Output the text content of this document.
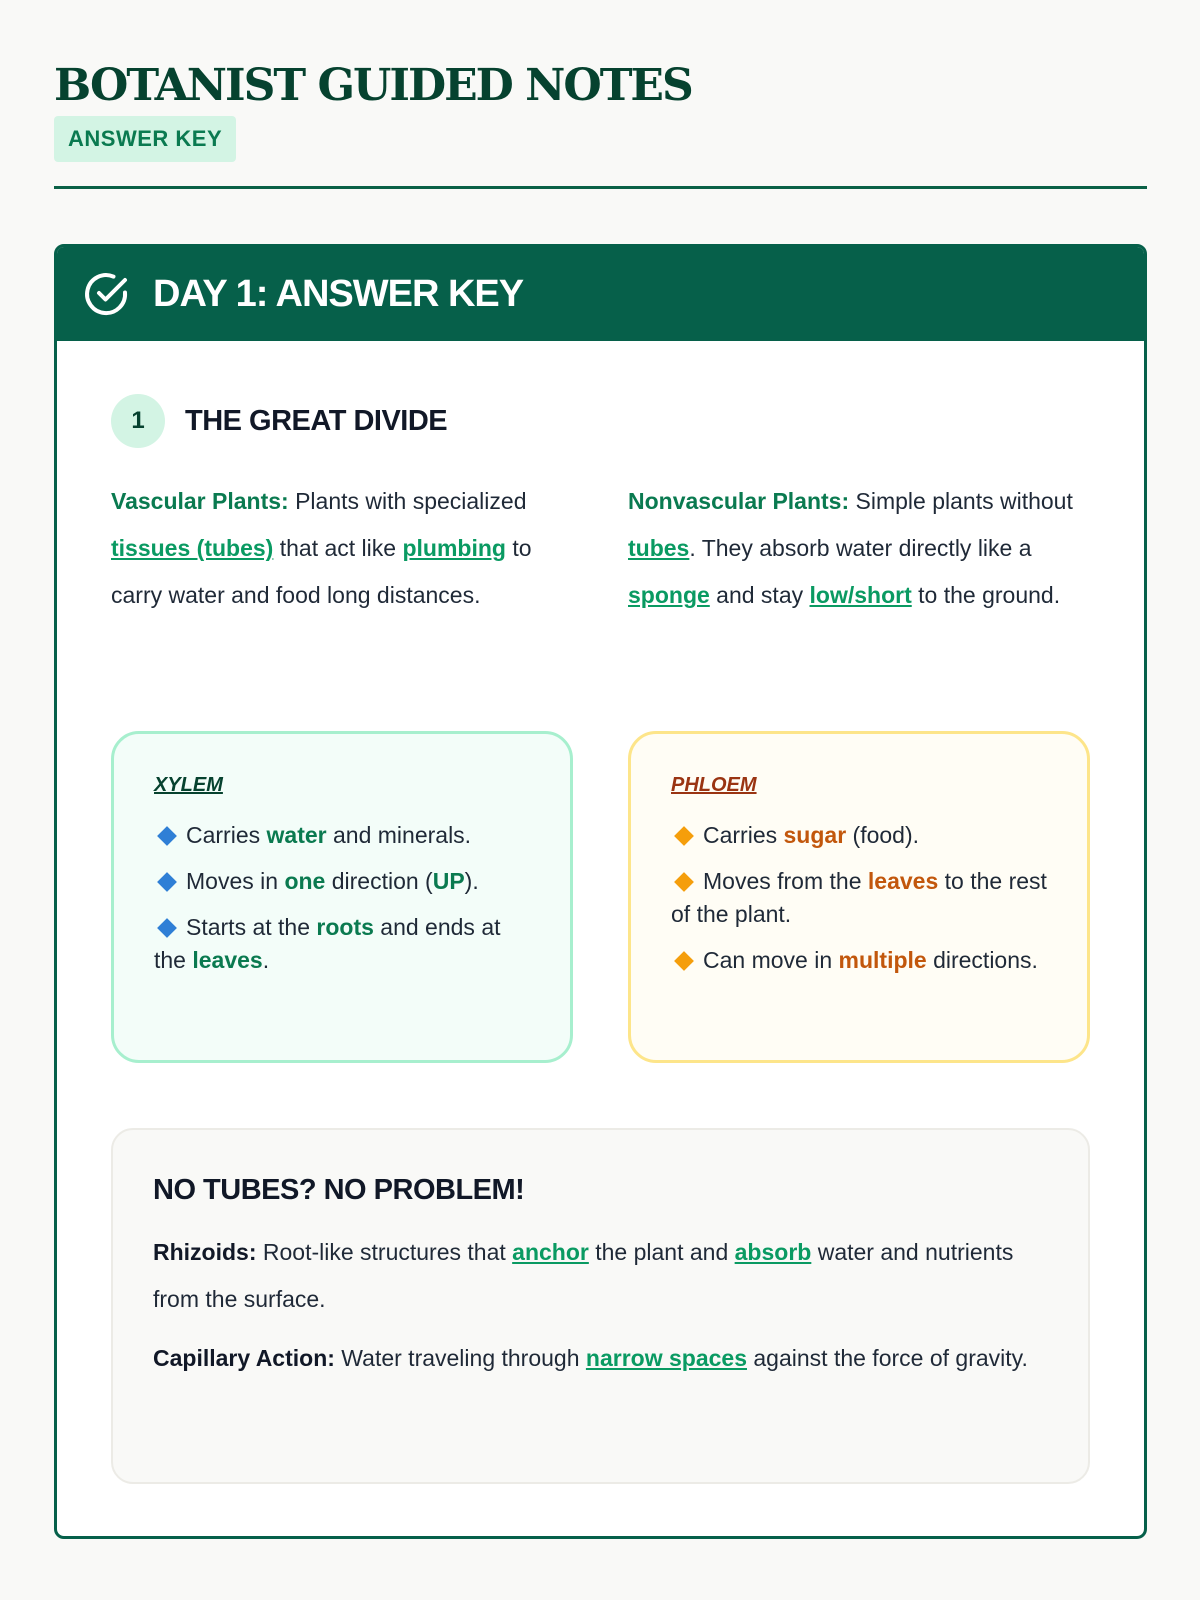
BOTANIST GUIDED NOTES
ANSWER KEY
DAY 1: ANSWER KEY
1	THE GREAT DIVIDE
Vascular Plants: Plants with specialized tissues (tubes) that act like plumbing to carry water and food long distances.
Nonvascular Plants: Simple plants without tubes. They absorb water directly like a sponge and stay low/short to the ground.
XYLEM
Carries water and minerals.
Moves in one direction (UP).
Starts at the roots and ends at the leaves.
PHLOEM
Carries sugar (food).
Moves from the leaves to the rest of the plant.
Can move in multiple directions.
NO TUBES? NO PROBLEM!

Rhizoids: Root-like structures that anchor the plant and absorb water and nutrients from the surface.

Capillary Action: Water traveling through narrow spaces against the force of gravity.
